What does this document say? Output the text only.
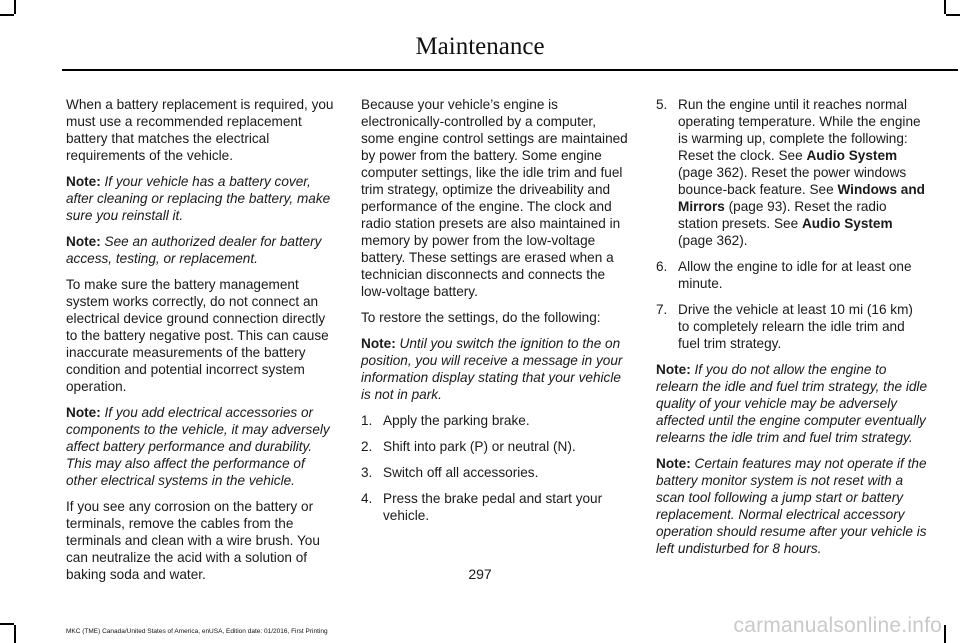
Maintenance

When a battery replacement is required, you must use a recommended replacement battery that matches the electrical requirements of the vehicle.

Note: If your vehicle has a battery cover, after cleaning or replacing the battery, make sure you reinstall it.

Note: See an authorized dealer for battery access, testing, or replacement.

To make sure the battery management system works correctly, do not connect an electrical device ground connection directly to the battery negative post. This can cause inaccurate measurements of the battery condition and potential incorrect system operation.

Note: If you add electrical accessories or components to the vehicle, it may adversely affect battery performance and durability. This may also affect the performance of other electrical systems in the vehicle.

If you see any corrosion on the battery or terminals, remove the cables from the terminals and clean with a wire brush. You can neutralize the acid with a solution of baking soda and water.

Because your vehicle’s engine is electronically-controlled by a computer, some engine control settings are maintained by power from the battery. Some engine computer settings, like the idle trim and fuel trim strategy, optimize the driveability and performance of the engine. The clock and radio station presets are also maintained in memory by power from the low-voltage battery. These settings are erased when a technician disconnects and connects the low-voltage battery.

To restore the settings, do the following:

Note: Until you switch the ignition to the on position, you will receive a message in your information display stating that your vehicle is not in park.

1. Apply the parking brake.
2. Shift into park (P) or neutral (N).
3. Switch off all accessories.
4. Press the brake pedal and start your vehicle.
5. Run the engine until it reaches normal operating temperature. While the engine is warming up, complete the following: Reset the clock. See Audio System (page 362). Reset the power windows bounce-back feature. See Windows and Mirrors (page 93). Reset the radio station presets. See Audio System (page 362).
6. Allow the engine to idle for at least one minute.
7. Drive the vehicle at least 10 mi (16 km) to completely relearn the idle trim and fuel trim strategy.

Note: If you do not allow the engine to relearn the idle and fuel trim strategy, the idle quality of your vehicle may be adversely affected until the engine computer eventually relearns the idle trim and fuel trim strategy.

Note: Certain features may not operate if the battery monitor system is not reset with a scan tool following a jump start or battery replacement. Normal electrical accessory operation should resume after your vehicle is left undisturbed for 8 hours.

297
MKC (TME) Canada/United States of America, enUSA, Edition date: 01/2016, First Printing	carmanualsonline.info
